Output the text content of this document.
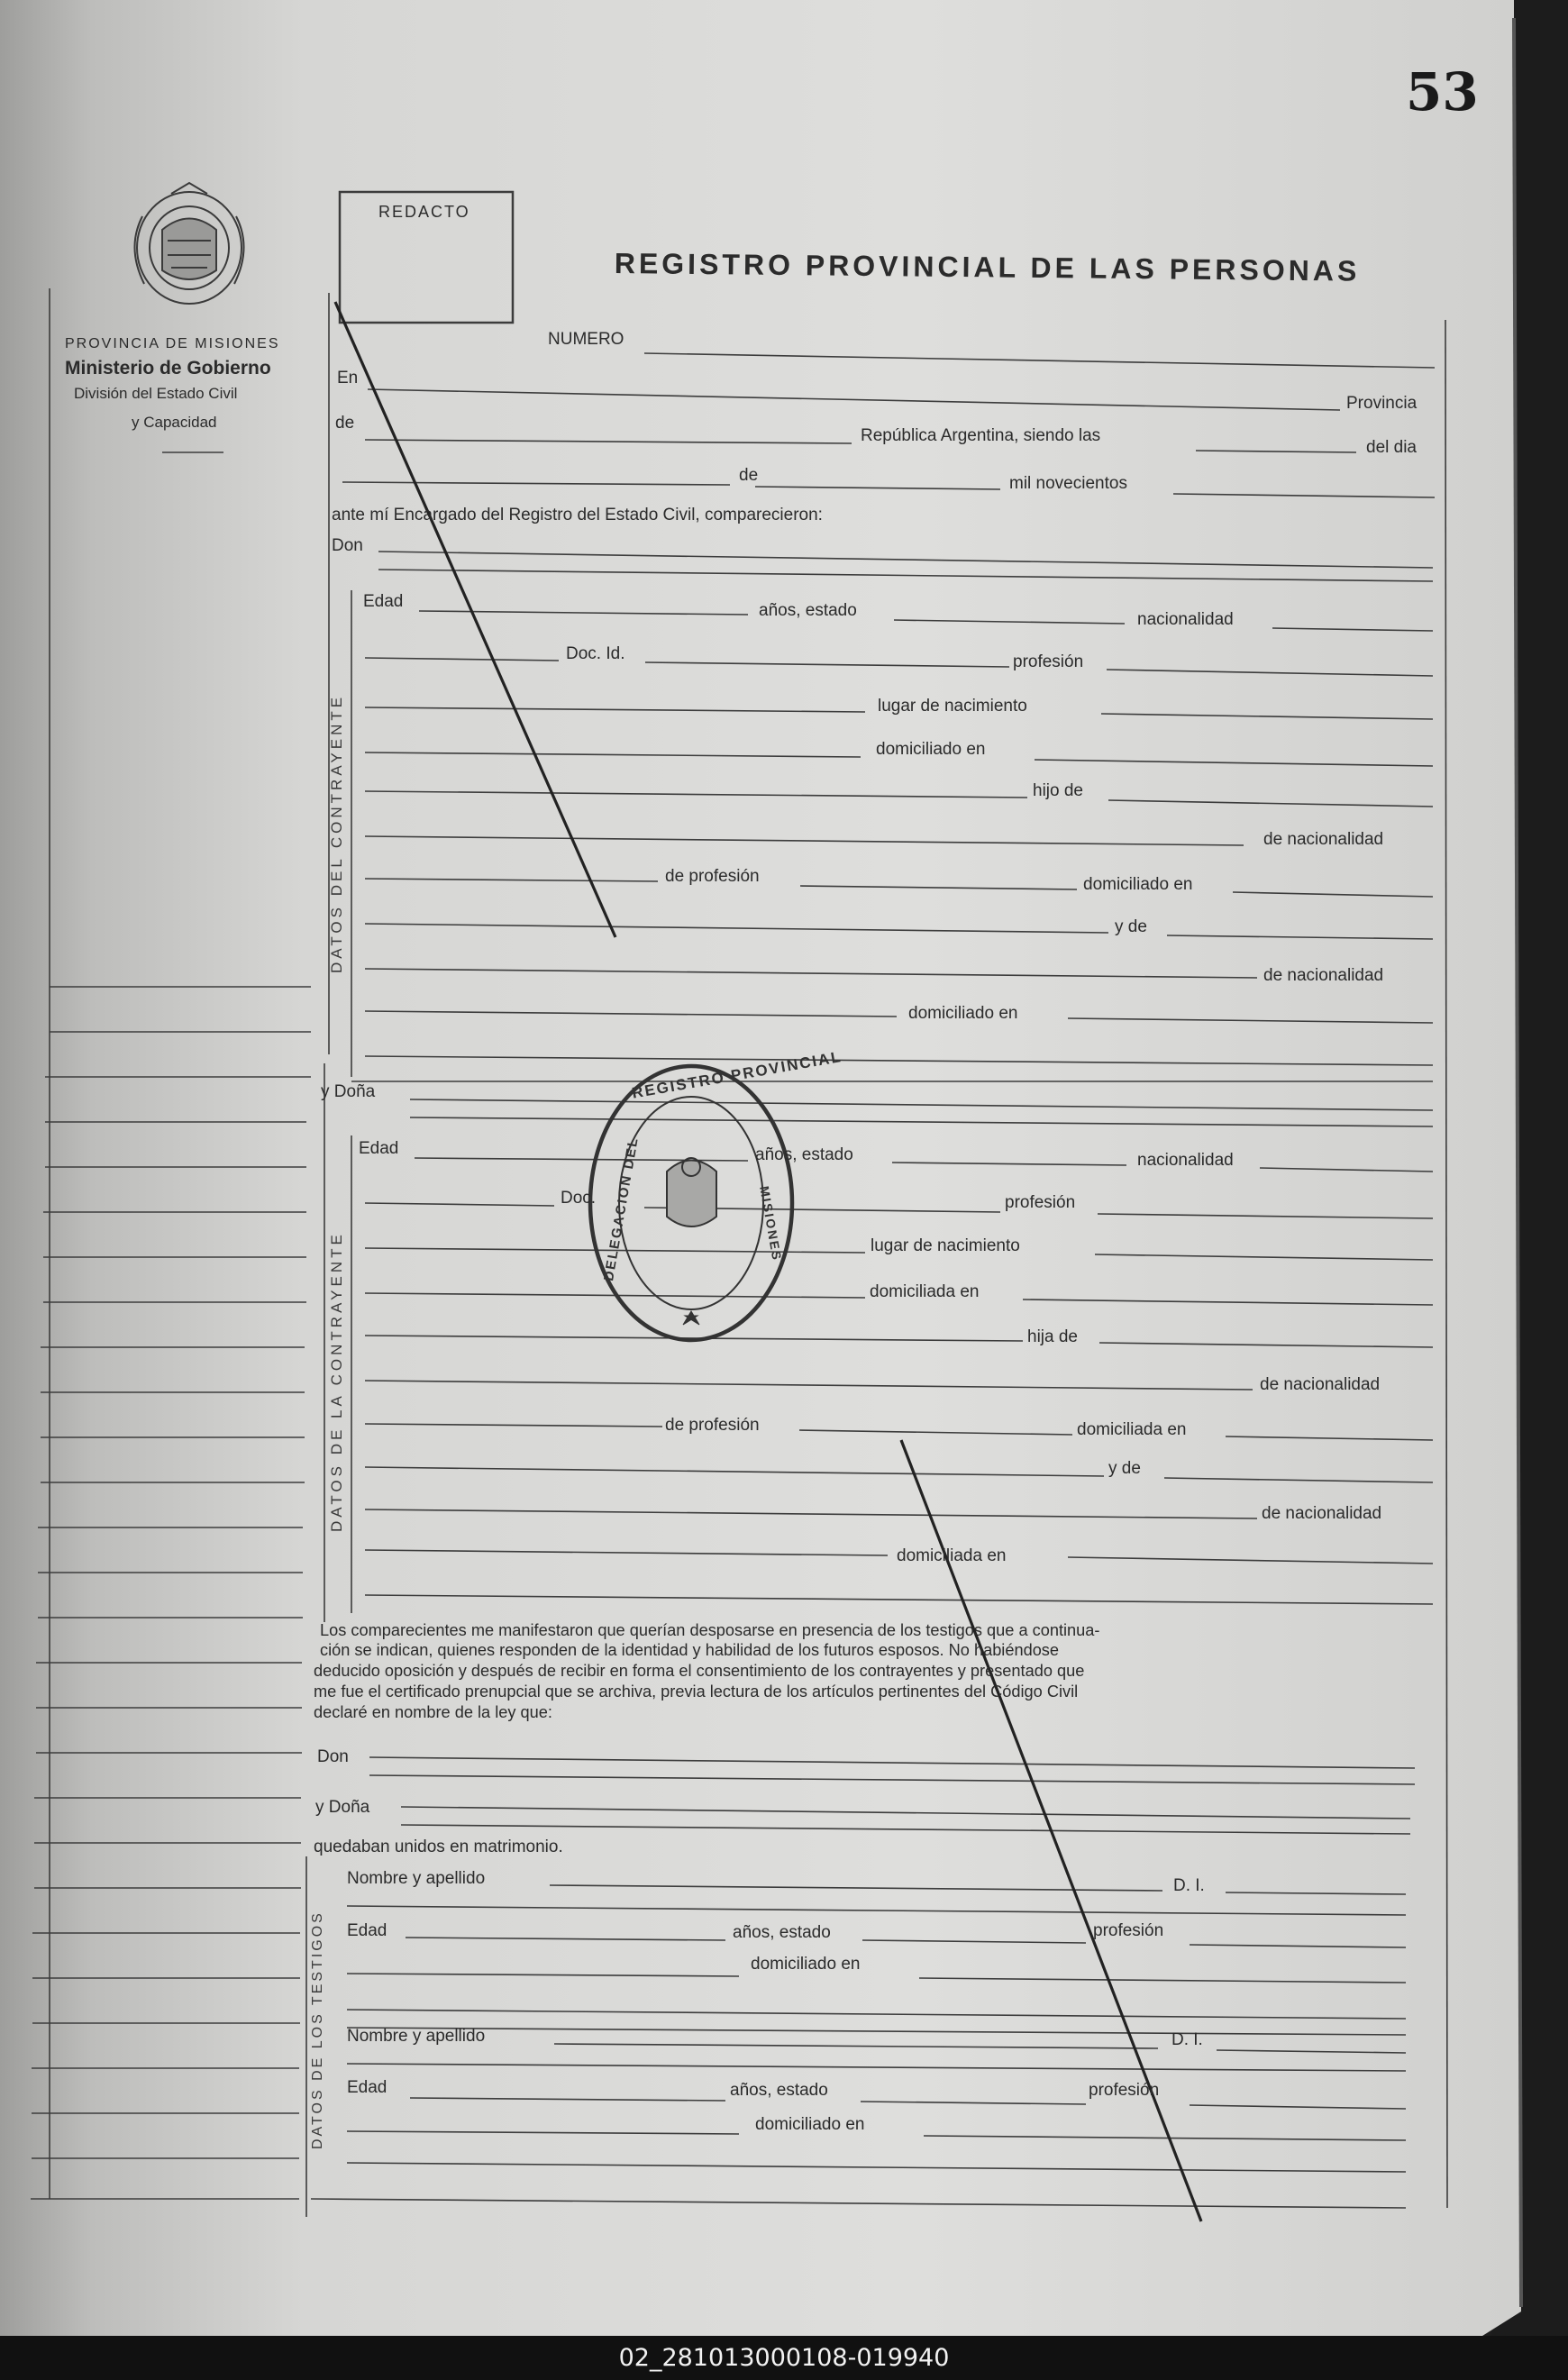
REGISTRO PROVINCIAL
DELEGACION DEL	MISIONES
53
PROVINCIA DE MISIONES
Ministerio de Gobierno
División del Estado Civil
y Capacidad
REDACTO
REGISTRO PROVINCIAL DE LAS PERSONAS
NUMERO
En
Provincia
de
República Argentina, siendo las
del dia
de	mil novecientos
ante mí Encargado del Registro del Estado Civil, comparecieron:
Don
DATOS DEL CONTRAYENTE
Edad	años, estado	nacionalidad
Doc. Id.	profesión
lugar de nacimiento
domiciliado en
hijo de
de nacionalidad
de profesión	domiciliado en
y de
de nacionalidad
domiciliado en
y Doña
DATOS DE LA CONTRAYENTE
Edad	años, estado	nacionalidad
Doc.	profesión
lugar de nacimiento
domiciliada en
hija de
de nacionalidad
de profesión	domiciliada en
y de
de nacionalidad
domiciliada en
Los comparecientes me manifestaron que querían desposarse en presencia de los testigos que a continua-
ción se indican, quienes responden de la identidad y habilidad de los futuros esposos. No habiéndose
deducido oposición y después de recibir en forma el consentimiento de los contrayentes y presentado que
me fue el certificado prenupcial que se archiva, previa lectura de los artículos pertinentes del Código Civil
declaré en nombre de la ley que:
Don
y Doña
quedaban unidos en matrimonio.
DATOS DE LOS TESTIGOS
Nombre y apellido	D. I.
Edad	años, estado	profesión
domiciliado en
Nombre y apellido	D. I.
Edad	años, estado	profesión
domiciliado en
02_281013000108-019940
